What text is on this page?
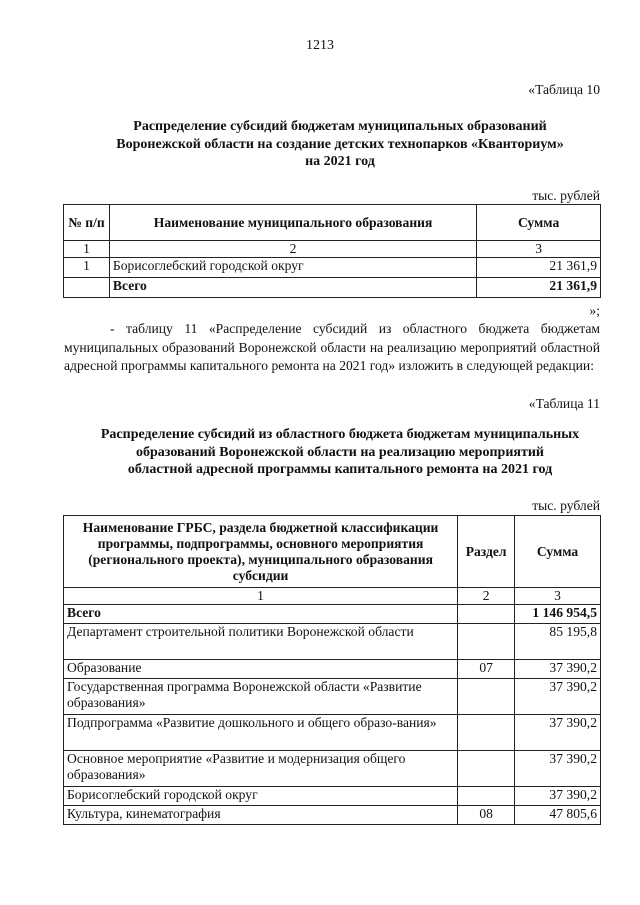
1213
«Таблица 10
Распределение субсидий бюджетам муниципальных образований
Воронежской области на создание детских технопарков «Кванториум»
на 2021 год
тыс. рублей
№ п/п	Наименование муниципального образования	Сумма
1	2	3
1	Борисоглебский городской округ	21 361,9
	Всего	21 361,9
»;
- таблицу 11 «Распределение субсидий из областного бюджета бюджетам муниципальных образований Воронежской области на реализацию мероприятий областной адресной программы капитального ремонта на 2021 год» изложить в следующей редакции:
«Таблица 11
Распределение субсидий из областного бюджета бюджетам муниципальных
образований Воронежской области на реализацию мероприятий
областной адресной программы капитального ремонта на 2021 год
тыс. рублей
Наименование ГРБС, раздела бюджетной классификации программы, подпрограммы, основного мероприятия (регионального проекта), муниципального образования субсидии	Раздел	Сумма
1	2	3
Всего		1 146 954,5
Департамент строительной политики Воронежской области		85 195,8
Образование	07	37 390,2
Государственная программа Воронежской области «Развитие образования»		37 390,2
Подпрограмма «Развитие дошкольного и общего образо-вания»		37 390,2
Основное мероприятие «Развитие и модернизация общего образования»		37 390,2
Борисоглебский городской округ		37 390,2
Культура, кинематография	08	47 805,6
